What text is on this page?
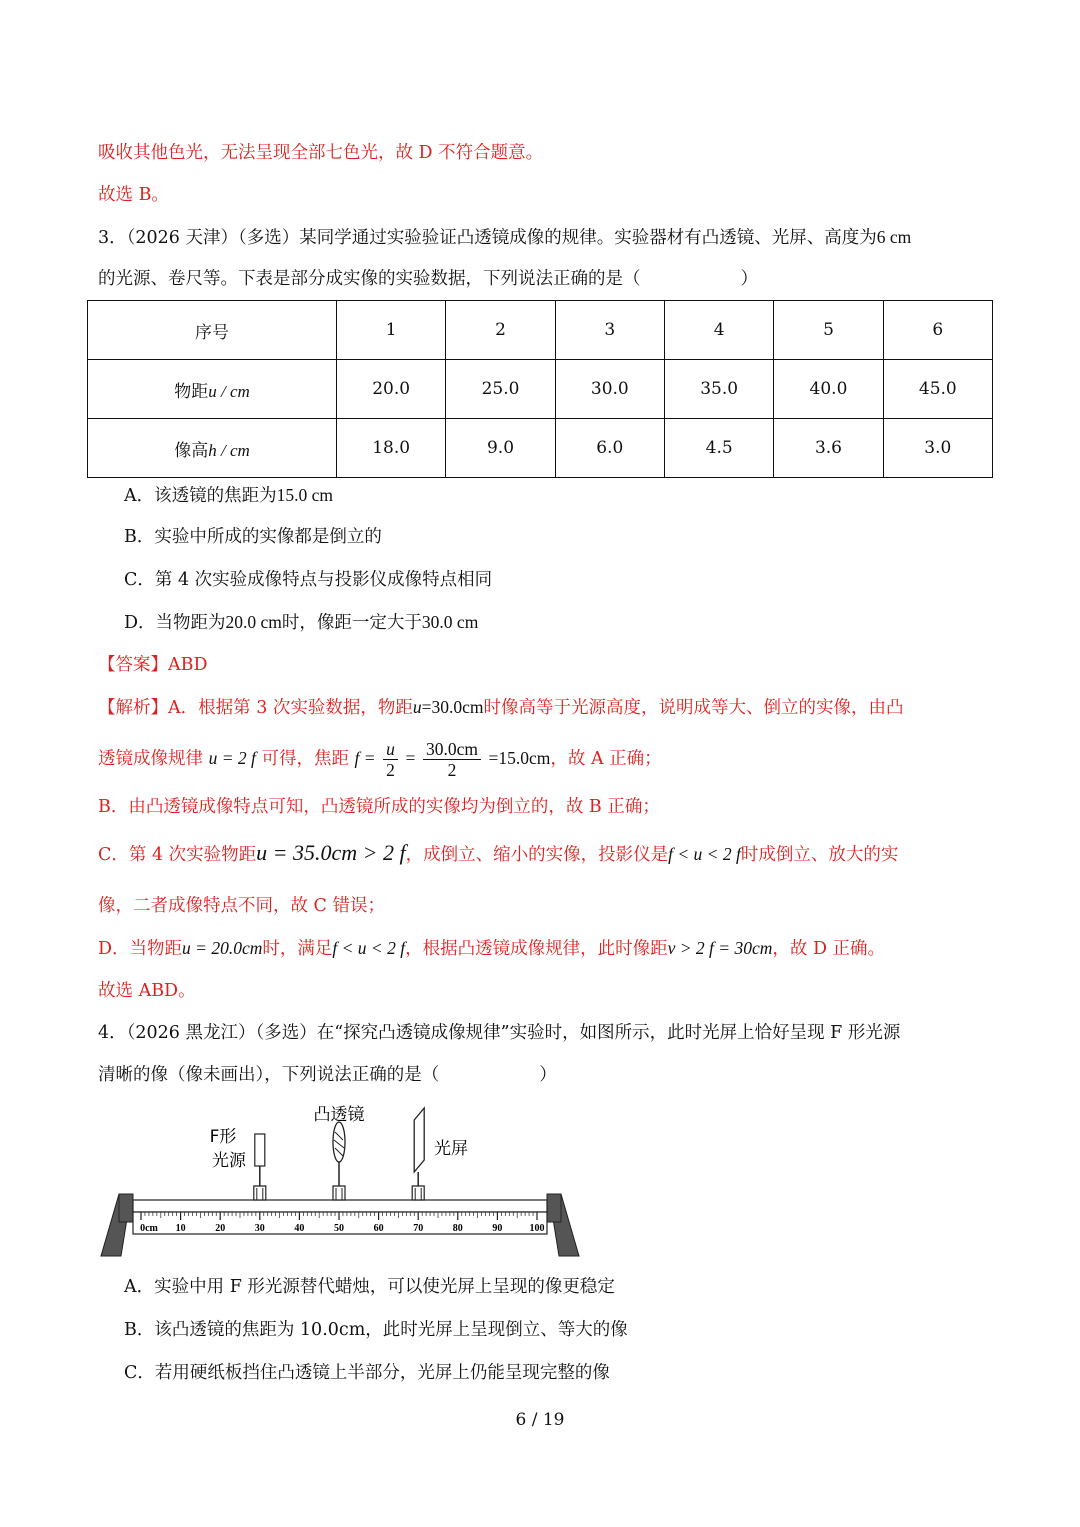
吸收其他色光，无法呈现全部七色光，故 D 不符合题意。
故选 B。
3．（2026 天津）（多选）某同学通过实验验证凸透镜成像的规律。实验器材有凸透镜、光屏、高度为6 cm
的光源、卷尺等。下表是部分成实像的实验数据，下列说法正确的是（	）
序号	1	2	3	4	5	6
物距u / cm	20.0	25.0	30.0	35.0	40.0	45.0
像高h / cm	18.0	9.0	6.0	4.5	3.6	3.0
A．该透镜的焦距为15.0 cm
B．实验中所成的实像都是倒立的
C．第 4 次实验成像特点与投影仪成像特点相同
D．当物距为20.0 cm时，像距一定大于30.0 cm
【答案】ABD
【解析】A．根据第 3 次实验数据，物距u=30.0cm时像高等于光源高度，说明成等大、倒立的实像，由凸
透镜成像规律 u = 2 f 可得，焦距 $f = \frac{u}{2} = \frac{30.0cm}{2} =15.0cm$，故 A 正确；
B．由凸透镜成像特点可知，凸透镜所成的实像均为倒立的，故 B 正确；
C．第 4 次实验物距u = 35.0cm > 2 f，成倒立、缩小的实像，投影仪是f < u < 2 f时成倒立、放大的实
像，二者成像特点不同，故 C 错误；
D．当物距u = 20.0cm时，满足f < u < 2 f，根据凸透镜成像规律，此时像距v > 2 f = 30cm，故 D 正确。
故选 ABD。
4．（2026 黑龙江）（多选）在“探究凸透镜成像规律”实验时，如图所示，此时光屏上恰好呈现 F 形光源
清晰的像（像未画出），下列说法正确的是（	）
0cm 10	20	30	40	50	60	70	80	90	100
F形
光源
凸透镜
光屏
A．实验中用 F 形光源替代蜡烛，可以使光屏上呈现的像更稳定
B．该凸透镜的焦距为 10.0cm，此时光屏上呈现倒立、等大的像
C．若用硬纸板挡住凸透镜上半部分，光屏上仍能呈现完整的像
6 / 19
